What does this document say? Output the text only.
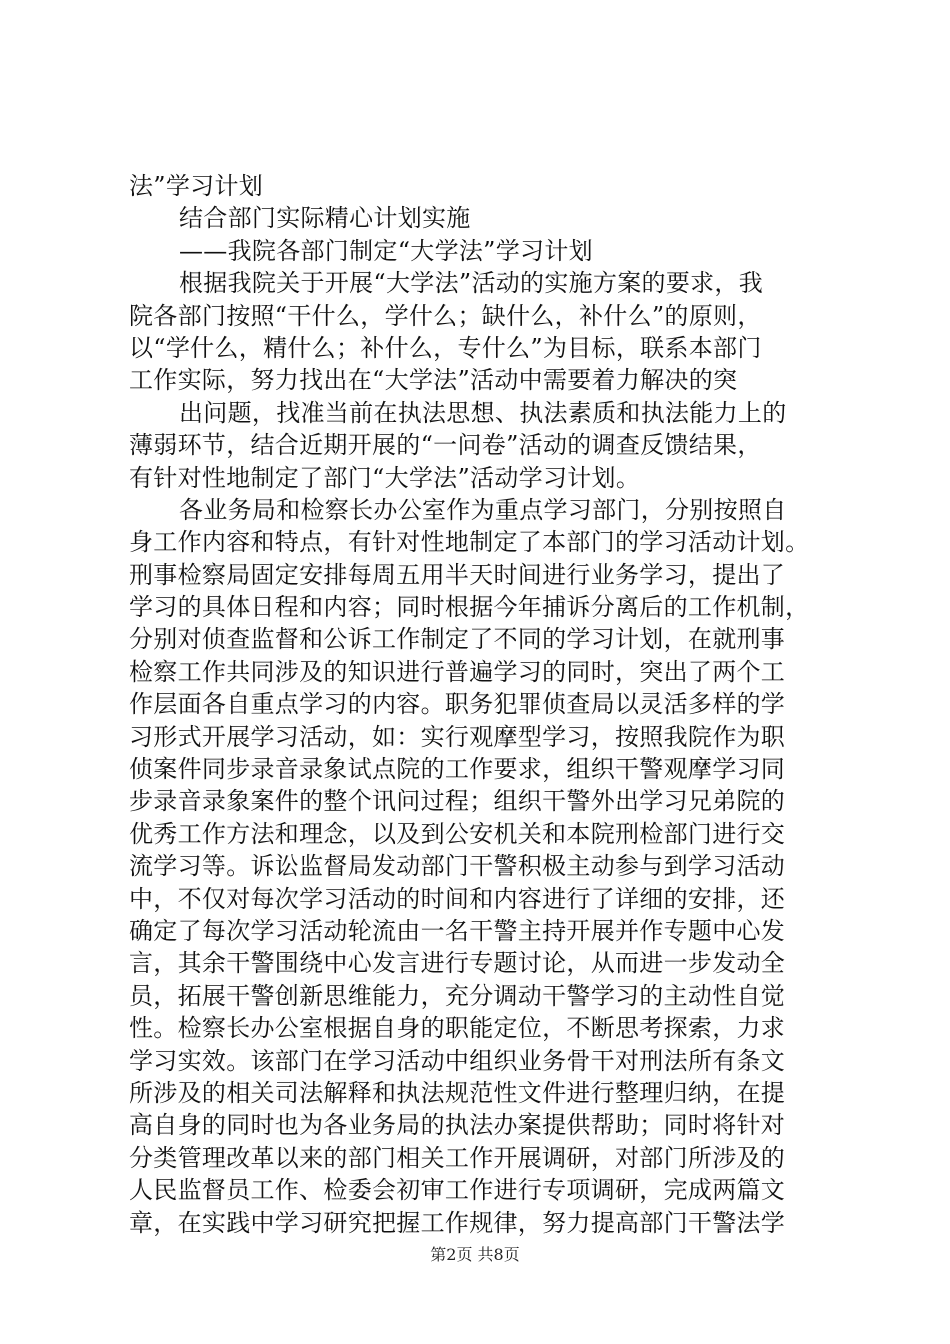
法”学习计划
结合部门实际精心计划实施
——我院各部门制定“大学法”学习计划
根据我院关于开展“大学法”活动的实施方案的要求，我
院各部门按照“干什么，学什么；缺什么，补什么”的原则，
以“学什么，精什么；补什么，专什么”为目标，联系本部门
工作实际，努力找出在“大学法”活动中需要着力解决的突
出问题，找准当前在执法思想、执法素质和执法能力上的
薄弱环节，结合近期开展的“一问卷”活动的调查反馈结果，
有针对性地制定了部门“大学法”活动学习计划。
各业务局和检察长办公室作为重点学习部门，分别按照自
身工作内容和特点，有针对性地制定了本部门的学习活动计划。
刑事检察局固定安排每周五用半天时间进行业务学习，提出了
学习的具体日程和内容；同时根据今年捕诉分离后的工作机制，
分别对侦查监督和公诉工作制定了不同的学习计划，在就刑事
检察工作共同涉及的知识进行普遍学习的同时，突出了两个工
作层面各自重点学习的内容。职务犯罪侦查局以灵活多样的学
习形式开展学习活动，如：实行观摩型学习，按照我院作为职
侦案件同步录音录象试点院的工作要求，组织干警观摩学习同
步录音录象案件的整个讯问过程；组织干警外出学习兄弟院的
优秀工作方法和理念，以及到公安机关和本院刑检部门进行交
流学习等。诉讼监督局发动部门干警积极主动参与到学习活动
中，不仅对每次学习活动的时间和内容进行了详细的安排，还
确定了每次学习活动轮流由一名干警主持开展并作专题中心发
言，其余干警围绕中心发言进行专题讨论，从而进一步发动全
员，拓展干警创新思维能力，充分调动干警学习的主动性自觉
性。检察长办公室根据自身的职能定位，不断思考探索，力求
学习实效。该部门在学习活动中组织业务骨干对刑法所有条文
所涉及的相关司法解释和执法规范性文件进行整理归纳，在提
高自身的同时也为各业务局的执法办案提供帮助；同时将针对
分类管理改革以来的部门相关工作开展调研，对部门所涉及的
人民监督员工作、检委会初审工作进行专项调研，完成两篇文
章，在实践中学习研究把握工作规律，努力提高部门干警法学
第2页 共8页
